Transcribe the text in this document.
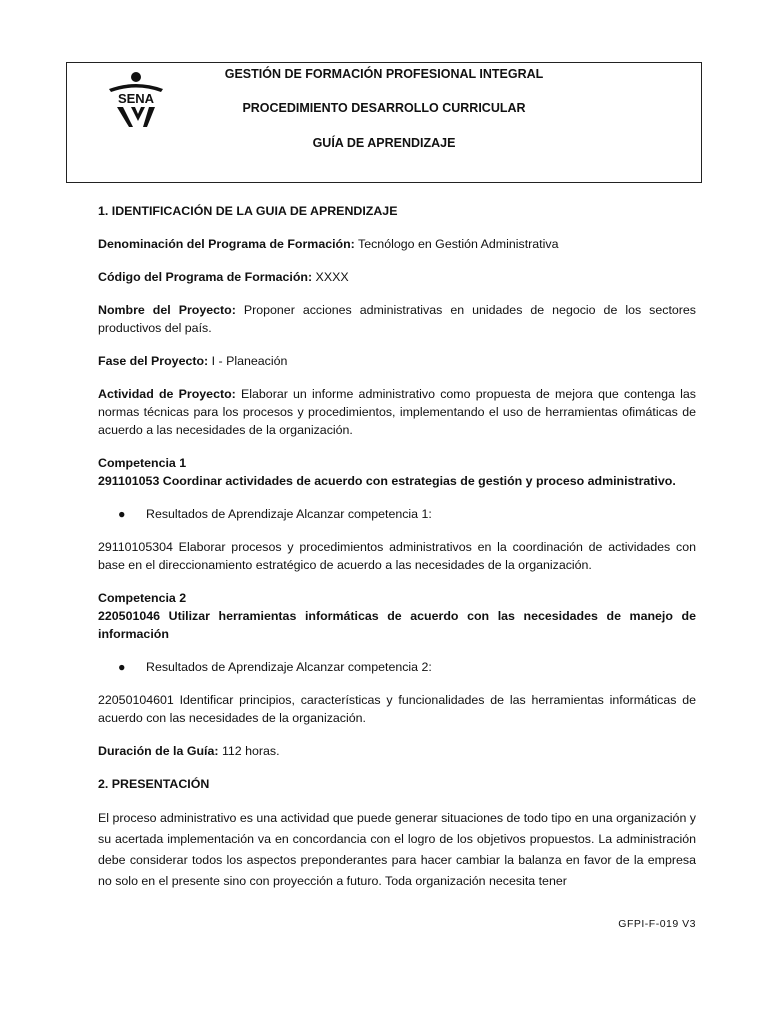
SENA
GESTIÓN DE FORMACIÓN PROFESIONAL INTEGRAL
PROCEDIMIENTO DESARROLLO CURRICULAR
GUÍA DE APRENDIZAJE

1. IDENTIFICACIÓN DE LA GUIA DE APRENDIZAJE

Denominación del Programa de Formación: Tecnólogo en Gestión Administrativa

Código del Programa de Formación: XXXX

Nombre del Proyecto: Proponer acciones administrativas en unidades de negocio de los sectores productivos del país.

Fase del Proyecto: I - Planeación

Actividad de Proyecto: Elaborar un informe administrativo como propuesta de mejora que contenga las normas técnicas para los procesos y procedimientos, implementando el uso de herramientas ofimáticas de acuerdo a las necesidades de la organización.

Competencia 1

291101053 Coordinar actividades de acuerdo con estrategias de gestión y proceso administrativo.

● Resultados de Aprendizaje Alcanzar competencia 1:

29110105304 Elaborar procesos y procedimientos administrativos en la coordinación de actividades con base en el direccionamiento estratégico de acuerdo a las necesidades de la organización.

Competencia 2

220501046 Utilizar herramientas informáticas de acuerdo con las necesidades de manejo de información

● Resultados de Aprendizaje Alcanzar competencia 2:

22050104601 Identificar principios, características y funcionalidades de las herramientas informáticas de acuerdo con las necesidades de la organización.

Duración de la Guía: 112 horas.

2. PRESENTACIÓN

El proceso administrativo es una actividad que puede generar situaciones de todo tipo en una organización y su acertada implementación va en concordancia con el logro de los objetivos propuestos. La administración debe considerar todos los aspectos preponderantes para hacer cambiar la balanza en favor de la empresa no solo en el presente sino con proyección a futuro. Toda organización necesita tener

GFPI-F-019 V3
